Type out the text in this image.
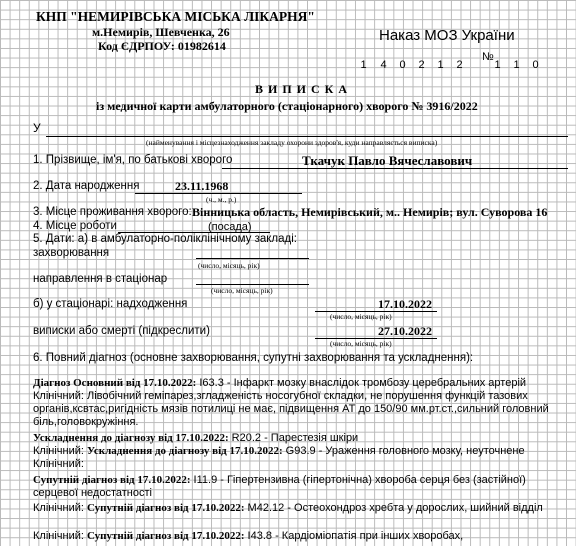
КНП "НЕМИРІВСЬКА МІСЬКА ЛІКАРНЯ"
м.Немирів, Шевченка, 26
Код ЄДРПОУ: 01982614
Наказ МОЗ України
1	4	0	2	1	2
№
1	1	0
В И П И С К А
із медичної карти амбулаторного (стаціонарного) хворого № 3916/2022
У
(найменування і місцезнаходження закладу охорони здоров'я, куди направляється виписка)
1. Прізвище, ім'я, по батькові хворого	Ткачук Павло Вячеславович
2. Дата народження	23.11.1968
(ч., м., р.)
3. Місце проживання хворого: Вінницька область, Немирівський, м.. Немирів; вул. Суворова 16
4. Місце роботи	(посада)
5. Дати: а) в амбулаторно-поліклінічному закладі:
захворювання
(число, місяць, рік)
направлення в стаціонар
(число, місяць, рік)
б) у стаціонарі: надходження	17.10.2022
(число, місяць, рік)
виписки або смерті (підкреслити)	27.10.2022
(число, місяць, рік)
6. Повний діагноз (основне захворювання, супутні захворювання та ускладнення):
Діагноз Основний від 17.10.2022: I63.3 - Інфаркт мозку внаслідок тромбозу церебральних артерій
Клінічний: Лівобічний геміпарез,згладженість носогубної складки, не порушення функцій тазових органів,ксвтас,ригідність мязів потилиці не має, підвищення АТ до 150/90 мм.рт.ст.,сильний головний біль,головокружіння.
Ускладнення до діагнозу від 17.10.2022: R20.2 - Парестезія шкіри
Клінічний: Ускладнення до діагнозу від 17.10.2022: G93.9 - Ураження головного мозку, неуточнене
Клінічний:
Супутній діагноз від 17.10.2022: I11.9 - Гіпертензивна (гіпертонічна) хвороба серця без (застійної) серцевої недостатності
Клінічний: Супутній діагноз від 17.10.2022: M42.12 - Остеохондроз хребта у дорослих, шийний відділ
Клінічний: Супутній діагноз від 17.10.2022: I43.8 - Кардіоміопатія при інших хворобах,
